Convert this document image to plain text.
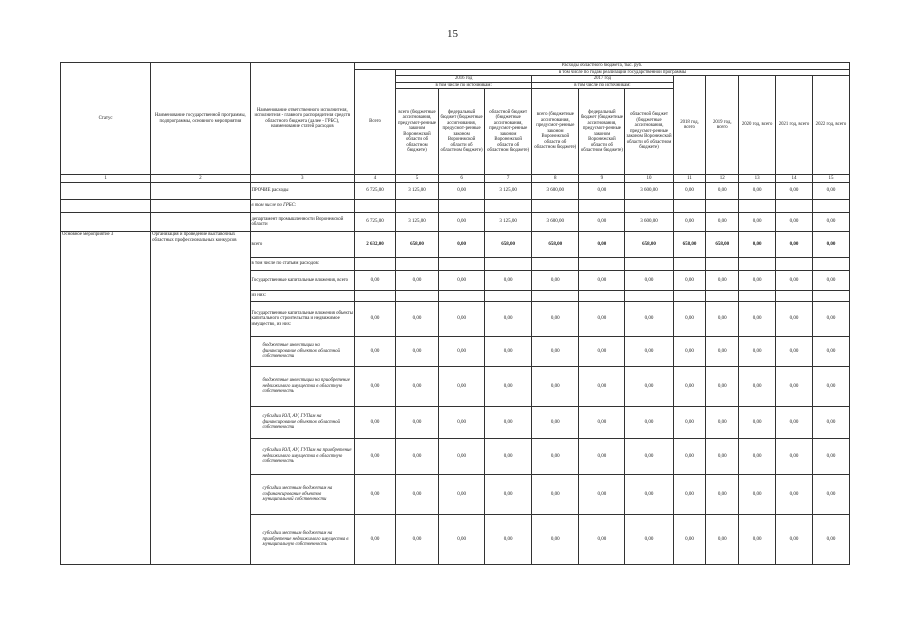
15
Статус	Наименование государственной программы, подпрограммы, основного мероприятия	Наименование ответственного исполнителя, исполнителя - главного распорядителя средств областного бюджета (далее - ГРБС), наименование статей расходов	Расходы областного бюджета, тыс. руб.											
			Всего	в том числе по годам реализации государственной программы										
				2016 год			2017 год			2018 год, всего	2019 год, всего	2020 год, всего	2021 год, всего	2022 год, всего
				в том числе по источникам:			в том числе по источникам:							
				всего (бюджетные ассигнования, предусмот-ренные законом Воронежской области об областном бюджете)	федеральный бюджет (бюджетные ассигнования, предусмот-ренные законом Воронежской области об областном бюджете)	областной бюджет (бюджетные ассигнования, предусмот-ренные законом Воронежской области об областном бюджете)	всего (бюджетные ассигнования, предусмот-ренные законом Воронежской области об областном бюджете)	федеральный бюджет (бюджетные ассигнования, предусмот-ренные законом Воронежской области об областном бюджете)	областной бюджет (бюджетные ассигнования, предусмот-ренные законом Воронежской области об областном бюджете)					
1	2	3	4	5	6	7	8	9	10	11	12	13	14	15
		ПРОЧИЕ расходы	6 725,00	3 125,00	0,00	3 125,00	3 600,00	0,00	3 600,00	0,00	0,00	0,00	0,00	0,00
		в том числе по ГРБС:												
		департамент промышленности Воронежской области	6 725,00	3 125,00	0,00	3 125,00	3 600,00	0,00	3 600,00	0,00	0,00	0,00	0,00	0,00
Основное мероприятие 3	Организация и проведение выставочных областных профессиональных конкурсов	всего	2 632,00	658,00	0,00	658,00	658,00	0,00	658,00	658,00	658,00	0,00	0,00	0,00
		в том числе по статьям расходов:												
		Государственные капитальные вложения, всего	0,00	0,00	0,00	0,00	0,00	0,00	0,00	0,00	0,00	0,00	0,00	0,00
		из них:												
		Государственные капитальные вложения объекты капитального строительства и недвижимое имущество, из них:	0,00	0,00	0,00	0,00	0,00	0,00	0,00	0,00	0,00	0,00	0,00	0,00
		бюджетные инвестиции на финансирование объектов областной собственности	0,00	0,00	0,00	0,00	0,00	0,00	0,00	0,00	0,00	0,00	0,00	0,00
		бюджетные инвестиции на приобретение недвижимого имущества в областную собственность	0,00	0,00	0,00	0,00	0,00	0,00	0,00	0,00	0,00	0,00	0,00	0,00
		субсидии ЮЛ, АУ, ГУПам на финансирование объектов областной собственности	0,00	0,00	0,00	0,00	0,00	0,00	0,00	0,00	0,00	0,00	0,00	0,00
		субсидии ЮЛ, АУ, ГУПам на приобретение недвижимого имущества в областную собственность	0,00	0,00	0,00	0,00	0,00	0,00	0,00	0,00	0,00	0,00	0,00	0,00
		субсидии местным бюджетам на софинансирование объектов муниципальной собственности	0,00	0,00	0,00	0,00	0,00	0,00	0,00	0,00	0,00	0,00	0,00	0,00
		субсидии местным бюджетам на приобретение недвижимого имущества в муниципальную собственность	0,00	0,00	0,00	0,00	0,00	0,00	0,00	0,00	0,00	0,00	0,00	0,00
